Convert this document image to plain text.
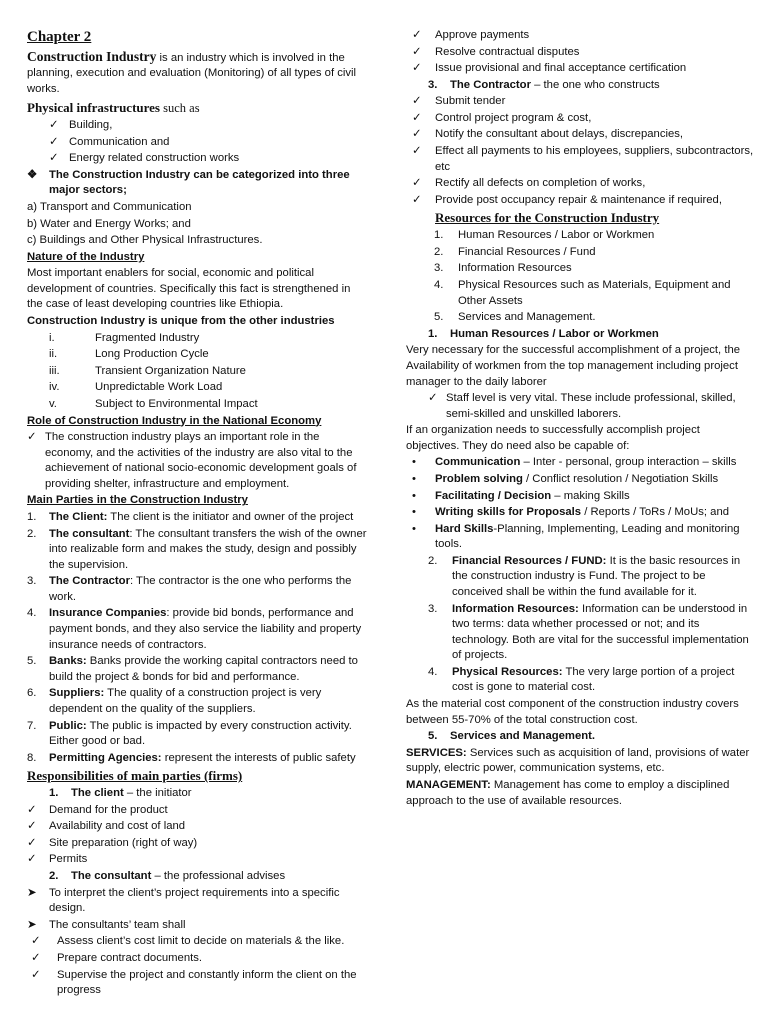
Chapter 2
Construction Industry is an industry which is involved in the planning, execution and evaluation (Monitoring) of all types of civil works.
Physical infrastructures such as
✓ Building,
✓ Communication and
✓ Energy related construction works
❖	The Construction Industry can be categorized into three major sectors;
a) Transport and Communication
b) Water and Energy Works; and
c) Buildings and Other Physical Infrastructures.
Nature of the Industry
Most important enablers for social, economic and political development of countries. Specifically this fact is strengthened in the case of least developing countries like Ethiopia.
Construction Industry is unique from the other industries
i.	Fragmented Industry
ii.	Long Production Cycle
iii.	Transient Organization Nature
iv.	Unpredictable Work Load
v.	Subject to Environmental Impact
Role of Construction Industry in the National Economy
✓ The construction industry plays an important role in the economy, and the activities of the industry are also vital to the achievement of national socio-economic development goals of providing shelter, infrastructure and employment.
Main Parties in the Construction Industry
1.	The Client: The client is the initiator and owner of the project
2.	The consultant: The consultant transfers the wish of the owner into realizable form and makes the study, design and possibly the supervision.
3.	The Contractor: The contractor is the one who performs the work.
4.	Insurance Companies: provide bid bonds, performance and payment bonds, and they also service the liability and property insurance needs of contractors.
5.	Banks: Banks provide the working capital contractors need to build the project & bonds for bid and performance.
6.	Suppliers: The quality of a construction project is very dependent on the quality of the suppliers.
7.	Public: The public is impacted by every construction activity. Either good or bad.
8.	Permitting Agencies: represent the interests of public safety
Responsibilities of main parties (firms)
1.	The client – the initiator
✓	Demand for the product
✓	Availability and cost of land
✓	Site preparation (right of way)
✓	Permits
2.	The consultant – the professional advises
➤	To interpret the client’s project requirements into a specific design.
➤	The consultants’ team shall
✓	Assess client’s cost limit to decide on materials & the like.
✓	Prepare contract documents.
✓	Supervise the project and constantly inform the client on the progress
✓	Approve payments
✓	Resolve contractual disputes
✓	Issue provisional and final acceptance certification
3.	The Contractor – the one who constructs
✓	Submit tender
✓	Control project program & cost,
✓	Notify the consultant about delays, discrepancies,
✓	Effect all payments to his employees, suppliers, subcontractors, etc
✓	Rectify all defects on completion of works,
✓	Provide post occupancy repair & maintenance if required,
Resources for the Construction Industry
1.	Human Resources / Labor or Workmen
2.	Financial Resources / Fund
3.	Information Resources
4.	Physical Resources such as Materials, Equipment and Other Assets
5.	Services and Management.
1.	Human Resources / Labor or Workmen
Very necessary for the successful accomplishment of a project, the Availability of workmen from the top management including project manager to the daily laborer
✓ Staff level is very vital. These include professional, skilled, semi-skilled and unskilled laborers.
If an organization needs to successfully accomplish project objectives. They do need also be capable of:
•	Communication – Inter - personal, group interaction – skills
•	Problem solving / Conflict resolution / Negotiation Skills
•	Facilitating / Decision – making Skills
•	Writing skills for Proposals / Reports / ToRs / MoUs; and
•	Hard Skills-Planning, Implementing, Leading and monitoring tools.
2.	Financial Resources / FUND: It is the basic resources in the construction industry is Fund. The project to be conceived shall be within the fund available for it.
3.	Information Resources: Information can be understood in two terms: data whether processed or not; and its technology. Both are vital for the successful implementation of projects.
4.	Physical Resources: The very large portion of a project cost is gone to material cost.
As the material cost component of the construction industry covers between 55-70% of the total construction cost.
5.	Services and Management.
SERVICES: Services such as acquisition of land, provisions of water supply, electric power, communication systems, etc.
MANAGEMENT: Management has come to employ a disciplined approach to the use of available resources.
